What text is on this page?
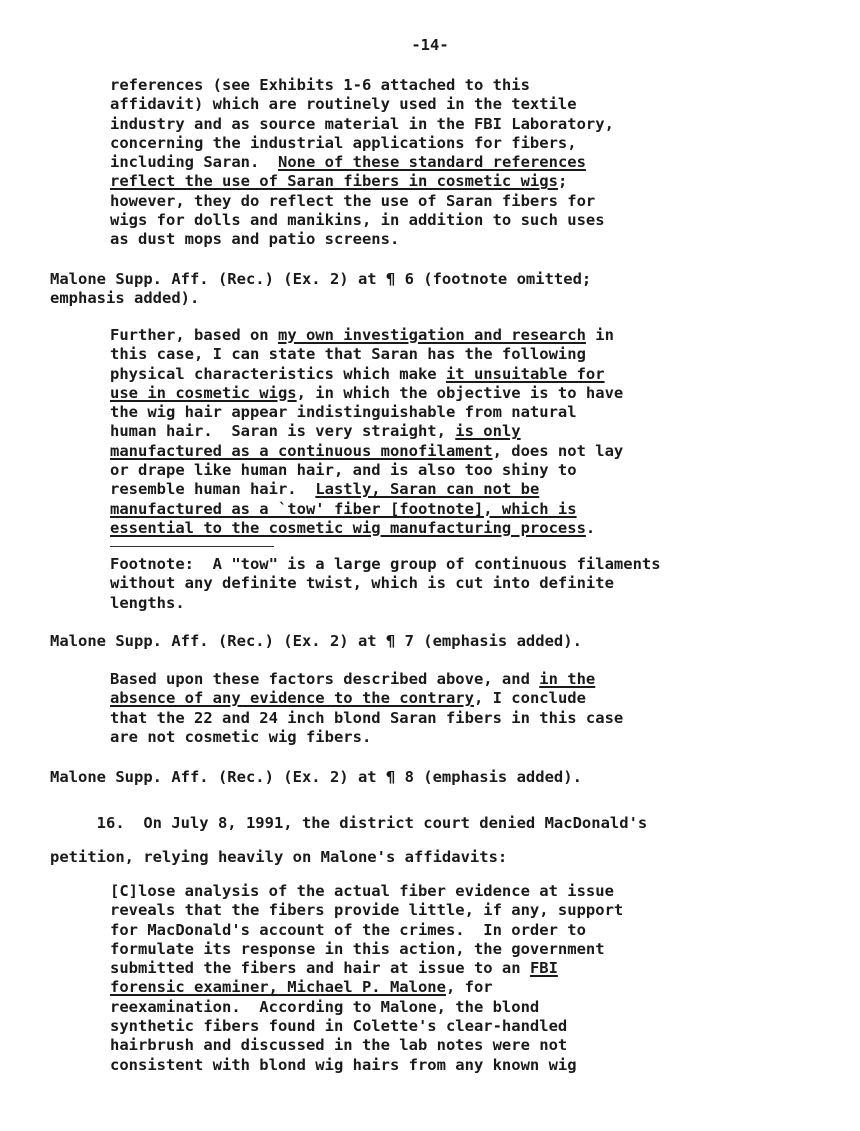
-14-
references (see Exhibits 1-6 attached to this
affidavit) which are routinely used in the textile
industry and as source material in the FBI Laboratory,
concerning the industrial applications for fibers,
including Saran.  None of these standard references
reflect the use of Saran fibers in cosmetic wigs;
however, they do reflect the use of Saran fibers for
wigs for dolls and manikins, in addition to such uses
as dust mops and patio screens.
Malone Supp. Aff. (Rec.) (Ex. 2) at ¶ 6 (footnote omitted;
emphasis added).
Further, based on my own investigation and research in
this case, I can state that Saran has the following
physical characteristics which make it unsuitable for
use in cosmetic wigs, in which the objective is to have
the wig hair appear indistinguishable from natural
human hair.  Saran is very straight, is only
manufactured as a continuous monofilament, does not lay
or drape like human hair, and is also too shiny to
resemble human hair.  Lastly, Saran can not be
manufactured as a `tow' fiber [footnote], which is
essential to the cosmetic wig manufacturing process.
Footnote:  A "tow" is a large group of continuous filaments
without any definite twist, which is cut into definite
lengths.
Malone Supp. Aff. (Rec.) (Ex. 2) at ¶ 7 (emphasis added).
Based upon these factors described above, and in the
absence of any evidence to the contrary, I conclude
that the 22 and 24 inch blond Saran fibers in this case
are not cosmetic wig fibers.
Malone Supp. Aff. (Rec.) (Ex. 2) at ¶ 8 (emphasis added).
16.  On July 8, 1991, the district court denied MacDonald's
petition, relying heavily on Malone's affidavits:
[C]lose analysis of the actual fiber evidence at issue
reveals that the fibers provide little, if any, support
for MacDonald's account of the crimes.  In order to
formulate its response in this action, the government
submitted the fibers and hair at issue to an FBI
forensic examiner, Michael P. Malone, for
reexamination.  According to Malone, the blond
synthetic fibers found in Colette's clear-handled
hairbrush and discussed in the lab notes were not
consistent with blond wig hairs from any known wig
